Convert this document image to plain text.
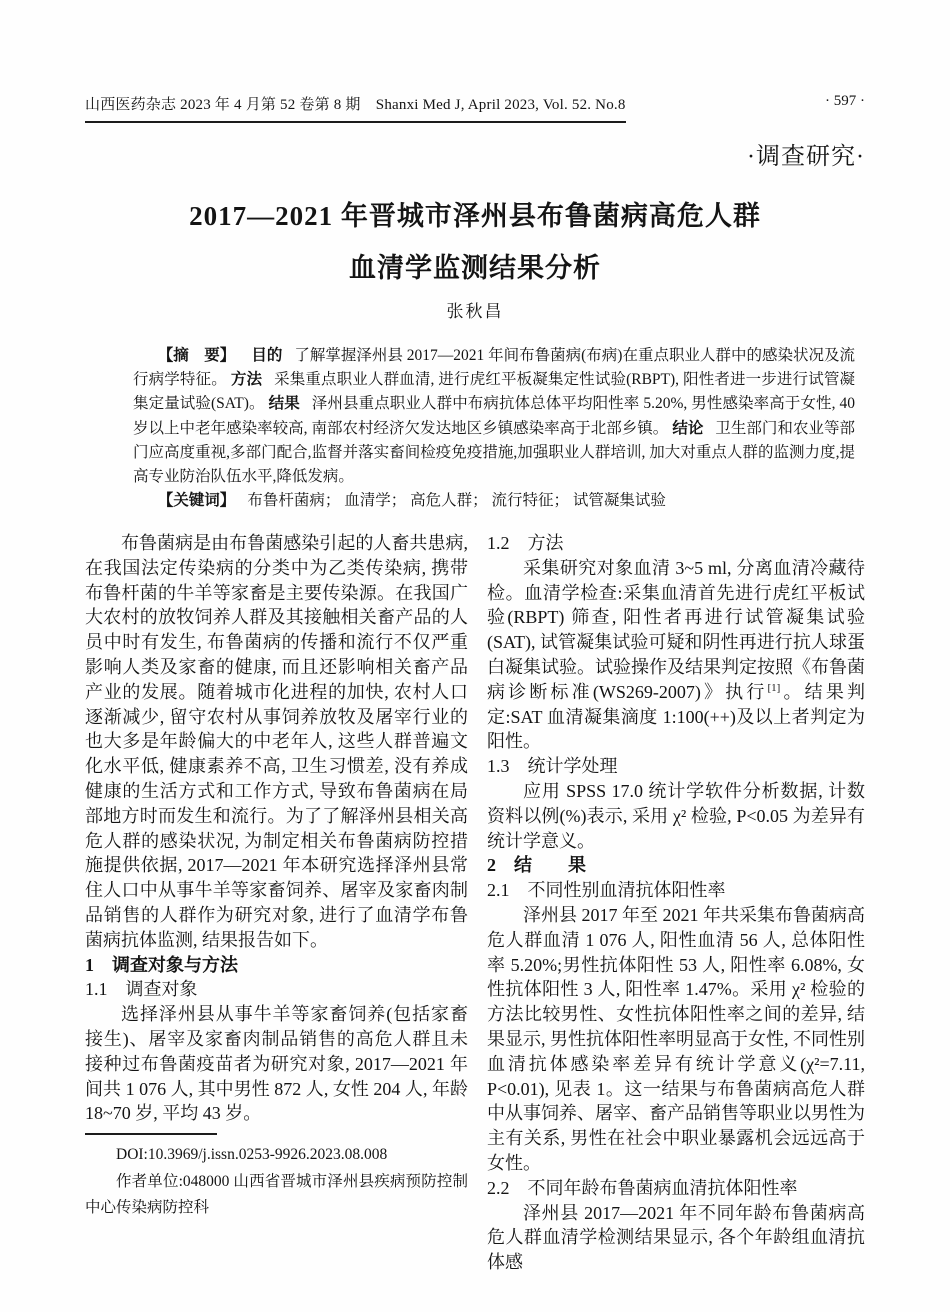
山西医药杂志 2023 年 4 月第 52 卷第 8 期　Shanxi Med J, April 2023, Vol. 52. No.8	· 597 ·
·调查研究·
2017—2021 年晋城市泽州县布鲁菌病高危人群
血清学监测结果分析
张秋昌

【摘　要】 目的 了解掌握泽州县 2017—2021 年间布鲁菌病(布病)在重点职业人群中的感染状况及流行病学特征。 方法 采集重点职业人群血清, 进行虎红平板凝集定性试验(RBPT), 阳性者进一步进行试管凝集定量试验(SAT)。 结果 泽州县重点职业人群中布病抗体总体平均阳性率 5.20%, 男性感染率高于女性, 40 岁以上中老年感染率较高, 南部农村经济欠发达地区乡镇感染率高于北部乡镇。 结论 卫生部门和农业等部门应高度重视,多部门配合,监督并落实畜间检疫免疫措施,加强职业人群培训, 加大对重点人群的监测力度,提高专业防治队伍水平,降低发病。

【关键词】 布鲁杆菌病； 血清学； 高危人群； 流行特征； 试管凝集试验

布鲁菌病是由布鲁菌感染引起的人畜共患病, 在我国法定传染病的分类中为乙类传染病, 携带布鲁杆菌的牛羊等家畜是主要传染源。在我国广大农村的放牧饲养人群及其接触相关畜产品的人员中时有发生, 布鲁菌病的传播和流行不仅严重影响人类及家畜的健康, 而且还影响相关畜产品产业的发展。随着城市化进程的加快, 农村人口逐渐减少, 留守农村从事饲养放牧及屠宰行业的也大多是年龄偏大的中老年人, 这些人群普遍文化水平低, 健康素养不高, 卫生习惯差, 没有养成健康的生活方式和工作方式, 导致布鲁菌病在局部地方时而发生和流行。为了了解泽州县相关高危人群的感染状况, 为制定相关布鲁菌病防控措施提供依据, 2017—2021 年本研究选择泽州县常住人口中从事牛羊等家畜饲养、屠宰及家畜肉制品销售的人群作为研究对象, 进行了血清学布鲁菌病抗体监测, 结果报告如下。

1　调查对象与方法
1.1　调查对象

选择泽州县从事牛羊等家畜饲养(包括家畜接生)、屠宰及家畜肉制品销售的高危人群且未接种过布鲁菌疫苗者为研究对象, 2017—2021 年间共 1 076 人, 其中男性 872 人, 女性 204 人, 年龄 18~70 岁, 平均 43 岁。

DOI:10.3969/j.issn.0253-9926.2023.08.008

作者单位:048000 山西省晋城市泽州县疾病预防控制中心传染病防控科

1.2　方法

采集研究对象血清 3~5 ml, 分离血清冷藏待检。血清学检查:采集血清首先进行虎红平板试验(RBPT) 筛查, 阳性者再进行试管凝集试验(SAT), 试管凝集试验可疑和阴性再进行抗人球蛋白凝集试验。试验操作及结果判定按照《布鲁菌病诊断标准(WS269-2007)》执行[1]。结果判定:SAT 血清凝集滴度 1:100(++)及以上者判定为阳性。

1.3　统计学处理

应用 SPSS 17.0 统计学软件分析数据, 计数资料以例(%)表示, 采用 χ² 检验, P<0.05 为差异有统计学意义。

2　结　　果
2.1　不同性别血清抗体阳性率

泽州县 2017 年至 2021 年共采集布鲁菌病高危人群血清 1 076 人, 阳性血清 56 人, 总体阳性率 5.20%;男性抗体阳性 53 人, 阳性率 6.08%, 女性抗体阳性 3 人, 阳性率 1.47%。采用 χ² 检验的方法比较男性、女性抗体阳性率之间的差异, 结果显示, 男性抗体阳性率明显高于女性, 不同性别血清抗体感染率差异有统计学意义(χ²=7.11, P<0.01), 见表 1。这一结果与布鲁菌病高危人群中从事饲养、屠宰、畜产品销售等职业以男性为主有关系, 男性在社会中职业暴露机会远远高于女性。

2.2　不同年龄布鲁菌病血清抗体阳性率

泽州县 2017—2021 年不同年龄布鲁菌病高危人群血清学检测结果显示, 各个年龄组血清抗体感
